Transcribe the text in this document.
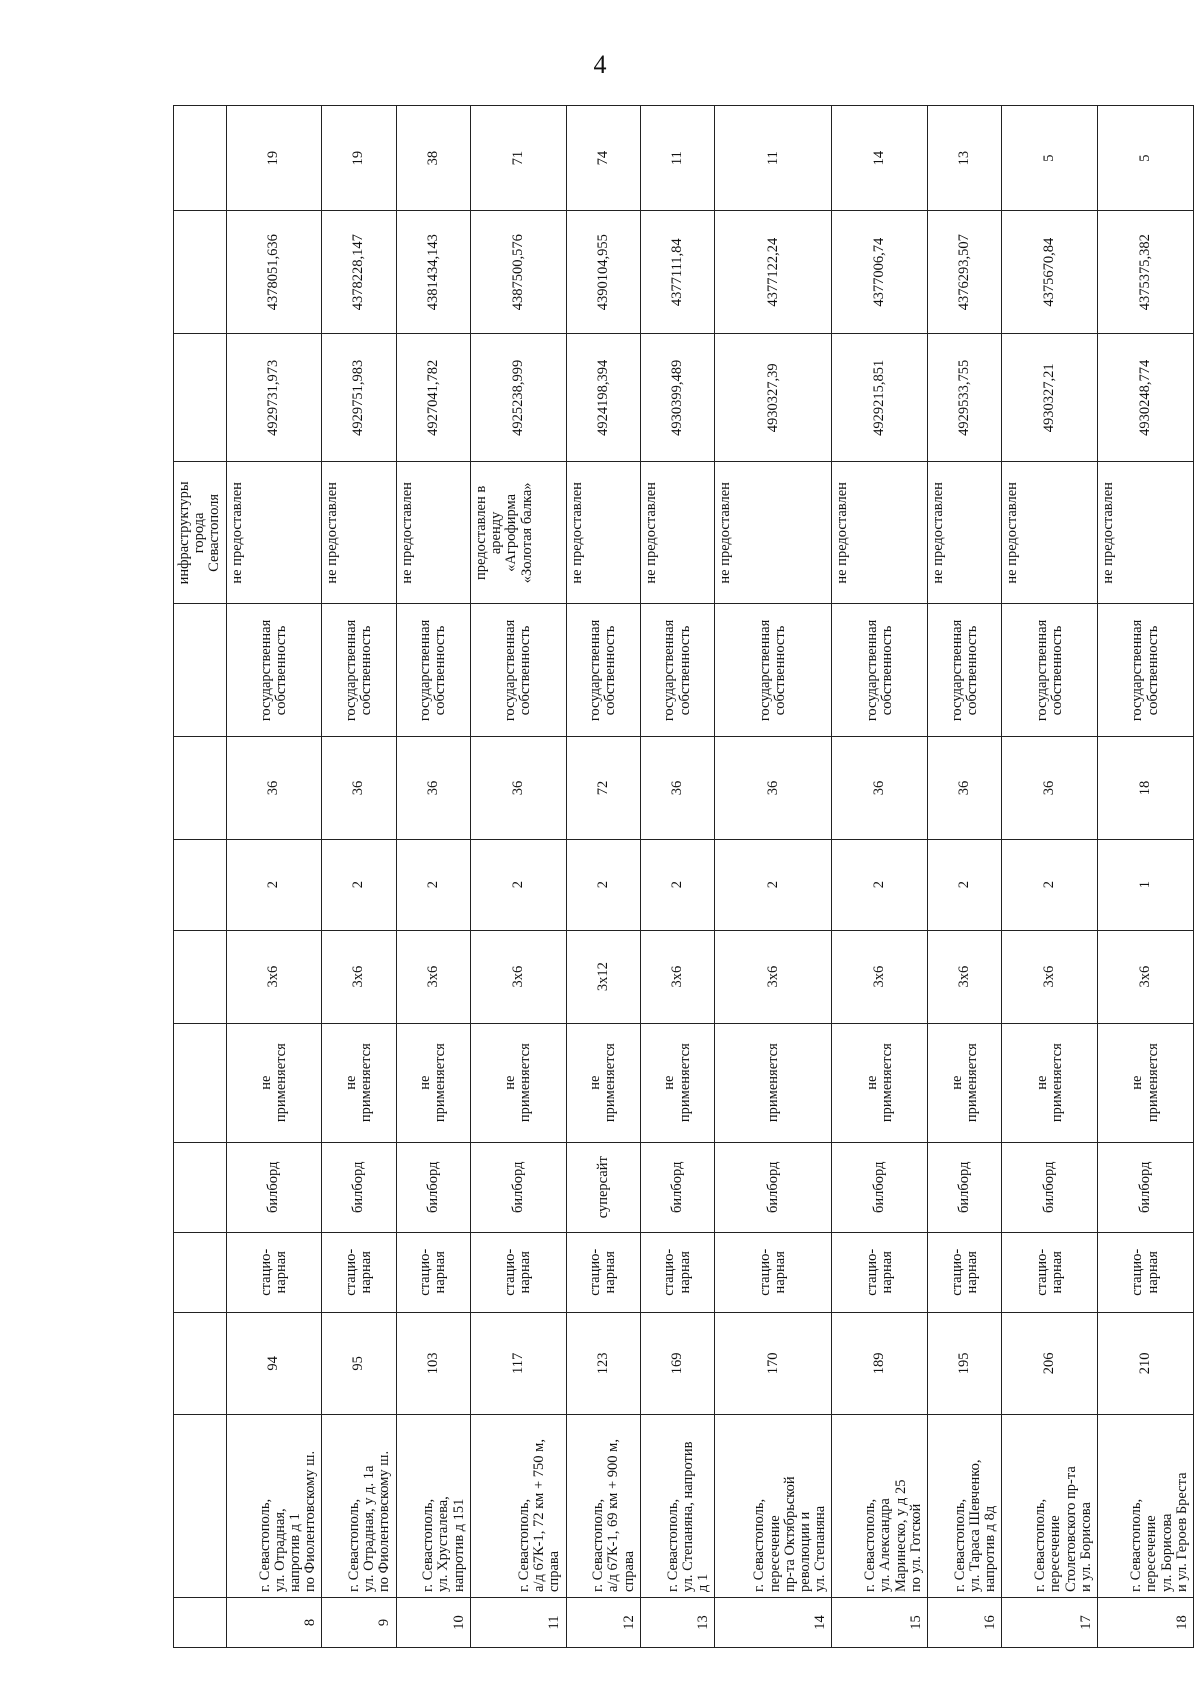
4
										инфраструктуры
города
Севастополя			
8	г. Севастополь,
ул. Отрадная,
напротив д 1
по Фиолентовскому ш.	94	стацио-
нарная	билборд	не
применяется	3х6	2	36	государственная
собственность	не предоставлен	4929731,973	4378051,636	19
9	г. Севастополь,
ул. Отрадная, у д. 1а
по Фиолентовскому ш.	95	стацио-
нарная	билборд	не
применяется	3х6	2	36	государственная
собственность	не предоставлен	4929751,983	4378228,147	19
10	г. Севастополь,
ул. Хрусталева,
напротив д 151	103	стацио-
нарная	билборд	не
применяется	3х6	2	36	государственная
собственность	не предоставлен	4927041,782	4381434,143	38
11	г. Севастополь,
а/д 67К-1, 72 км + 750 м,
справа	117	стацио-
нарная	билборд	не
применяется	3х6	2	36	государственная
собственность	предоставлен в
аренду
«Агрофирма
«Золотая балка»	4925238,999	4387500,576	71
12	г. Севастополь,
а/д 67К-1, 69 км + 900 м,
справа	123	стацио-
нарная	суперсайт	не
применяется	3х12	2	72	государственная
собственность	не предоставлен	4924198,394	4390104,955	74
13	г. Севастополь,
ул. Степаняна, напротив
д 1	169	стацио-
нарная	билборд	не
применяется	3х6	2	36	государственная
собственность	не предоставлен	4930399,489	4377111,84	11
14	г. Севастополь,
пересечение
пр-та Октябрьской
революции и
ул. Степаняна	170	стацио-
нарная	билборд	применяется	3х6	2	36	государственная
собственность	не предоставлен	4930327,39	4377122,24	11
15	г. Севастополь,
ул. Александра
Маринеско, у д 25
по ул. Готской	189	стацио-
нарная	билборд	не
применяется	3х6	2	36	государственная
собственность	не предоставлен	4929215,851	4377006,74	14
16	г. Севастополь,
ул. Тараса Шевченко,
напротив д 8д	195	стацио-
нарная	билборд	не
применяется	3х6	2	36	государственная
собственность	не предоставлен	4929533,755	4376293,507	13
17	г. Севастополь,
пересечение
Столетовского пр-та
и ул. Борисова	206	стацио-
нарная	билборд	не
применяется	3х6	2	36	государственная
собственность	не предоставлен	4930327,21	4375670,84	5
18	г. Севастополь,
пересечение
ул. Борисова
и ул. Героев Бреста	210	стацио-
нарная	билборд	не
применяется	3х6	1	18	государственная
собственность	не предоставлен	4930248,774	4375375,382	5
